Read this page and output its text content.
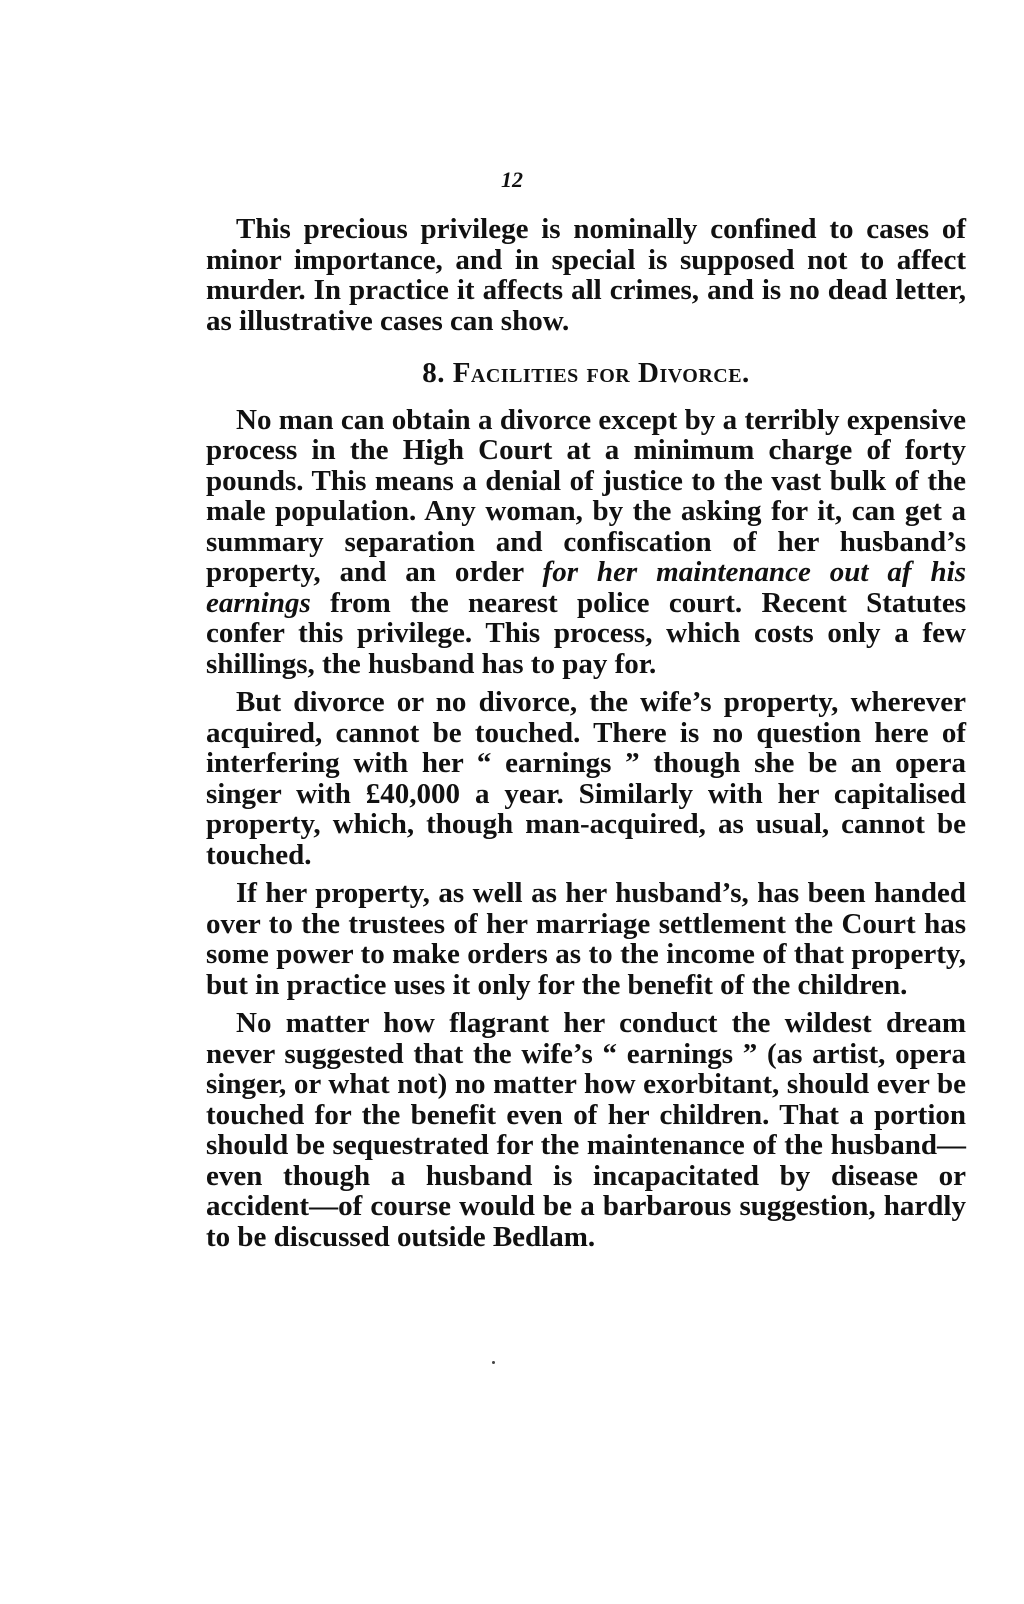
12

This precious privilege is nominally confined to cases of minor importance, and in special is supposed not to affect murder. In practice it affects all crimes, and is no dead letter, as illustrative cases can show.

8. Facilities for Divorce.

No man can obtain a divorce except by a terribly expensive process in the High Court at a minimum charge of forty pounds. This means a denial of justice to the vast bulk of the male population. Any woman, by the asking for it, can get a summary separation and confiscation of her husband’s property, and an order for her maintenance out af his earnings from the nearest police court. Recent Statutes confer this privilege. This process, which costs only a few shillings, the husband has to pay for.

But divorce or no divorce, the wife’s property, wherever acquired, cannot be touched. There is no question here of interfering with her “ earnings ” though she be an opera singer with £40,000 a year. Similarly with her capitalised property, which, though man-acquired, as usual, cannot be touched.

If her property, as well as her husband’s, has been handed over to the trustees of her marriage settlement the Court has some power to make orders as to the income of that property, but in practice uses it only for the benefit of the children.

No matter how flagrant her conduct the wildest dream never suggested that the wife’s “ earnings ” (as artist, opera singer, or what not) no matter how exorbitant, should ever be touched for the benefit even of her children. That a portion should be sequestrated for the maintenance of the husband—even though a husband is incapacitated by disease or accident—of course would be a barbarous suggestion, hardly to be discussed outside Bedlam.
